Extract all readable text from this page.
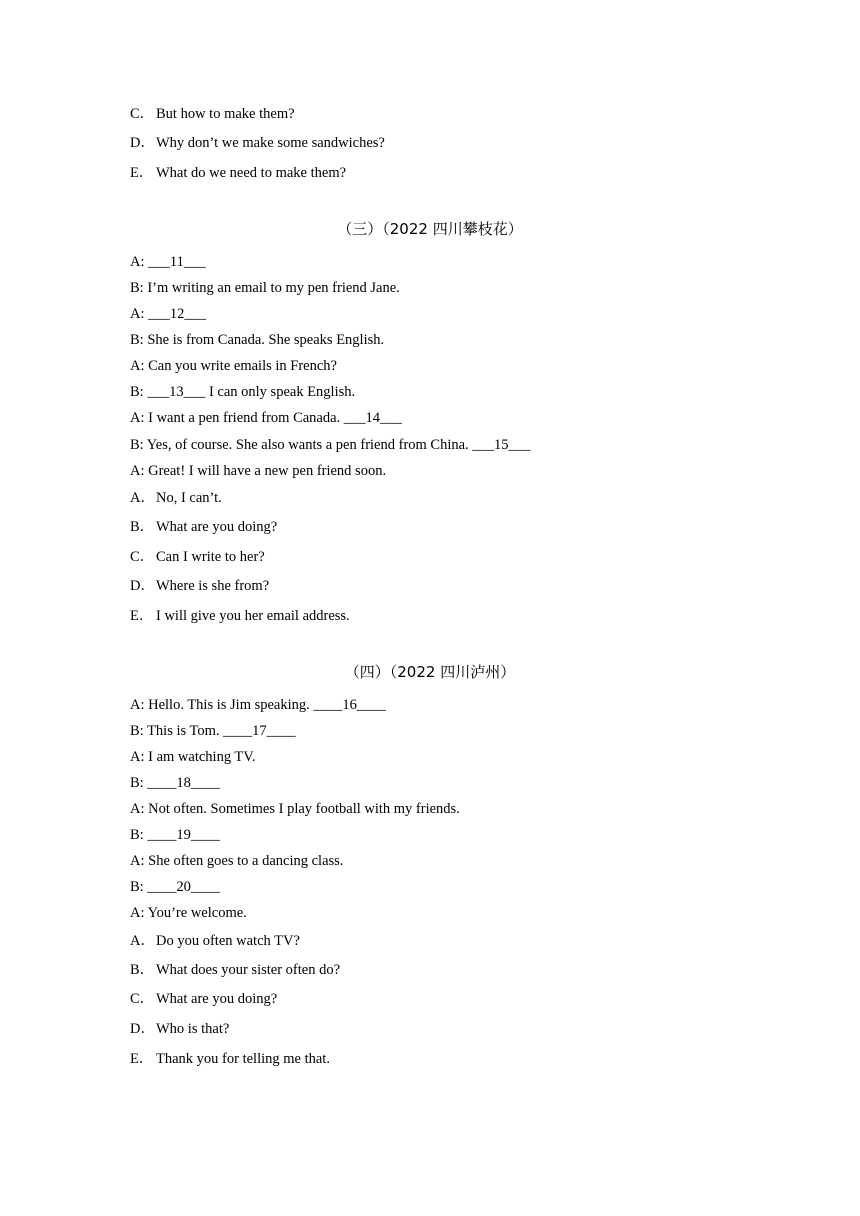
C． But how to make them?
D．Why don’t we make some sandwiches?
E． What do we need to make them?
（三）（2022 四川攀枝花）
A: ___11___
B: I’m writing an email to my pen friend Jane.
A: ___12___
B: She is from Canada. She speaks English.
A: Can you write emails in French?
B: ___13___ I can only speak English.
A: I want a pen friend from Canada. ___14___
B: Yes, of course. She also wants a pen friend from China. ___15___
A: Great! I will have a new pen friend soon.
A．No, I can’t.
B． What are you doing?
C． Can I write to her?
D．Where is she from?
E． I will give you her email address.
（四）（2022 四川泸州）
A: Hello. This is Jim speaking. ____16____
B: This is Tom. ____17____
A: I am watching TV.
B: ____18____
A: Not often. Sometimes I play football with my friends.
B: ____19____
A: She often goes to a dancing class.
B: ____20____
A: You’re welcome.
A．Do you often watch TV?
B． What does your sister often do?
C． What are you doing?
D．Who is that?
E． Thank you for telling me that.
